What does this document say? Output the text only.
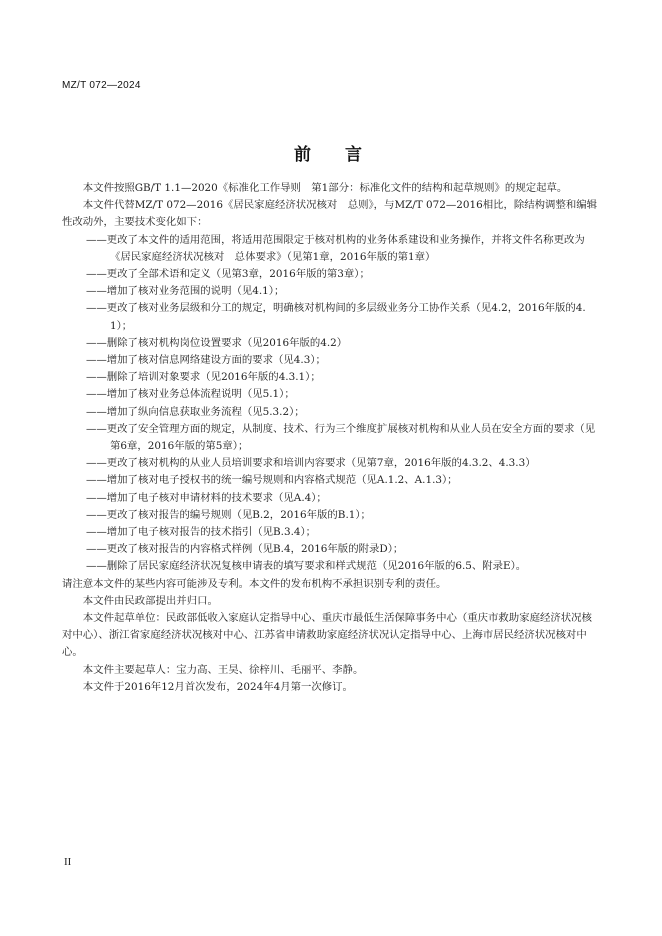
MZ/T 072—2024
前 言

本文件按照GB/T 1.1—2020《标准化工作导则　第1部分：标准化文件的结构和起草规则》的规定起草。

本文件代替MZ/T 072—2016《居民家庭经济状况核对　总则》，与MZ/T 072—2016相比，除结构调整和编辑性改动外，主要技术变化如下：

——更改了本文件的适用范围，将适用范围限定于核对机构的业务体系建设和业务操作，并将文件名称更改为《居民家庭经济状况核对　总体要求》（见第1章，2016年版的第1章）

——更改了全部术语和定义（见第3章，2016年版的第3章）；

——增加了核对业务范围的说明（见4.1）；

——更改了核对业务层级和分工的规定，明确核对机构间的多层级业务分工协作关系（见4.2，2016年版的4.1）；

——删除了核对机构岗位设置要求（见2016年版的4.2）

——增加了核对信息网络建设方面的要求（见4.3）；

——删除了培训对象要求（见2016年版的4.3.1）；

——增加了核对业务总体流程说明（见5.1）；

——增加了纵向信息获取业务流程（见5.3.2）；

——更改了安全管理方面的规定，从制度、技术、行为三个维度扩展核对机构和从业人员在安全方面的要求（见第6章，2016年版的第5章）；

——更改了核对机构的从业人员培训要求和培训内容要求（见第7章，2016年版的4.3.2、4.3.3）

——增加了核对电子授权书的统一编号规则和内容格式规范（见A.1.2、A.1.3）；

——增加了电子核对申请材料的技术要求（见A.4）；

——更改了核对报告的编号规则（见B.2，2016年版的B.1）；

——增加了电子核对报告的技术指引（见B.3.4）；

——更改了核对报告的内容格式样例（见B.4，2016年版的附录D）；

——删除了居民家庭经济状况复核申请表的填写要求和样式规范（见2016年版的6.5、附录E）。

请注意本文件的某些内容可能涉及专利。本文件的发布机构不承担识别专利的责任。

本文件由民政部提出并归口。

本文件起草单位：民政部低收入家庭认定指导中心、重庆市最低生活保障事务中心（重庆市救助家庭经济状况核对中心）、浙江省家庭经济状况核对中心、江苏省申请救助家庭经济状况认定指导中心、上海市居民经济状况核对中心。

本文件主要起草人：宝力高、王昊、徐梓川、毛丽平、李静。

本文件于2016年12月首次发布，2024年4月第一次修订。

II
